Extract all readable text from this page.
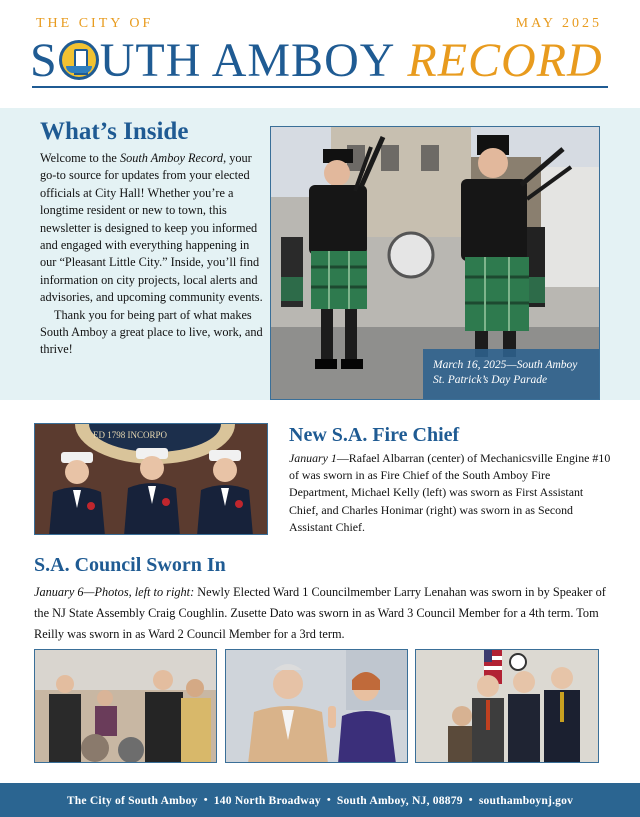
THE CITY OF	MAY 2025
S UTH AMBOY RECORD
What’s Inside

Welcome to the South Amboy Record, your go-to source for updates from your elected officials at City Hall! Whether you’re a longtime resident or new to town, this newsletter is designed to keep you informed and engaged with everything happening in our “Pleasant Little City.” Inside, you’ll find information on city projects, local alerts and advisories, and upcoming community events.

Thank you for being part of what makes South Amboy a great place to live, work, and thrive!

March 16, 2025—South Amboy
St. Patrick’s Day Parade
ED 1798 INCORPO	New S.A. Fire Chief

January 1—Rafael Albarran (center) of Mechanicsville Engine #10 of was sworn in as Fire Chief of the South Amboy Fire Department, Michael Kelly (left) was sworn as First Assistant Chief, and Charles Honimar (right) was sworn in as Second Assistant Chief.

S.A. Council Sworn In

January 6—Photos, left to right: Newly Elected Ward 1 Councilmember Larry Lenahan was sworn in by Speaker of the NJ State Assembly Craig Coughlin. Zusette Dato was sworn in as Ward 3 Council Member for a 4th term. Tom Reilly was sworn in as Ward 2 Council Member for a 3rd term.

The City of South Amboy • 140 North Broadway • South Amboy, NJ, 08879 • southamboynj.gov
